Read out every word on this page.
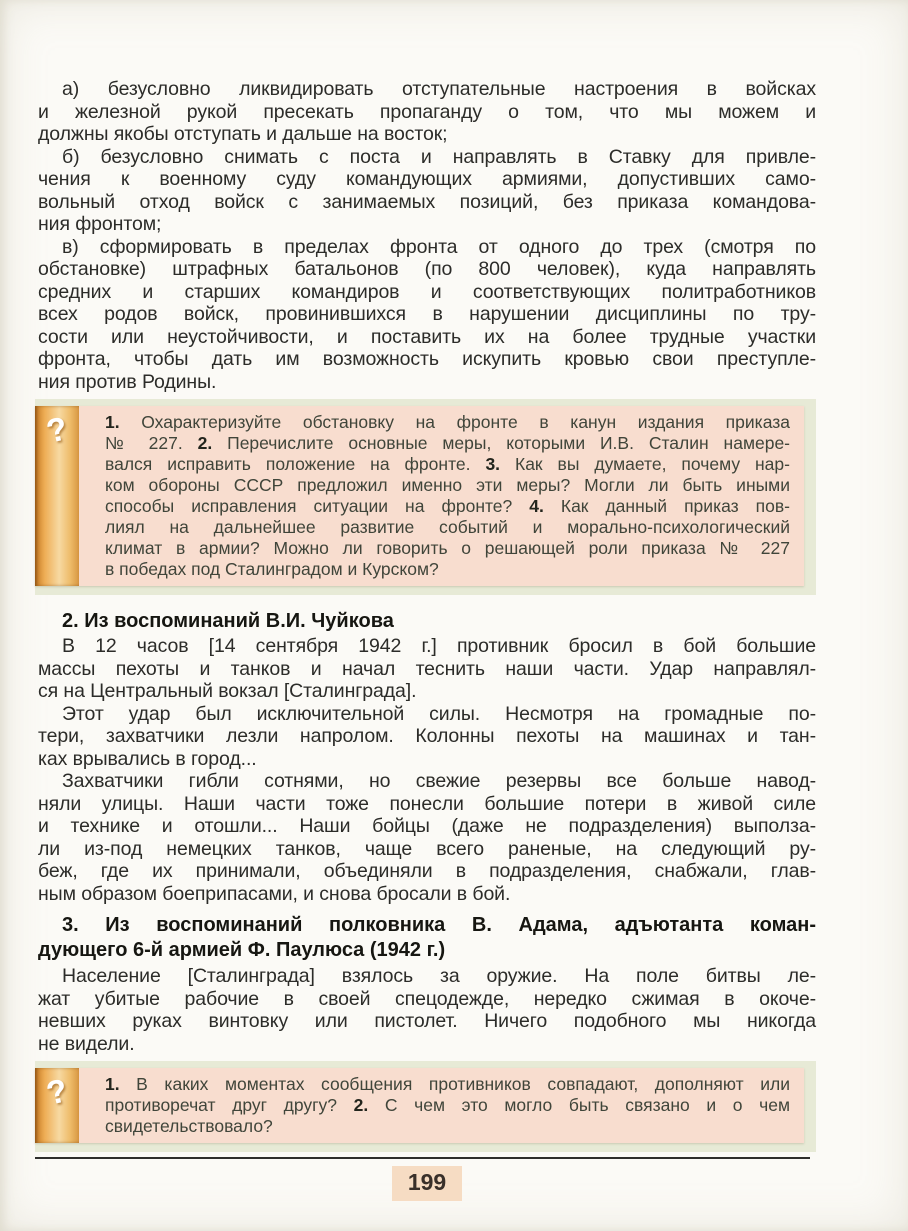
а) безусловно ликвидировать отступательные настроения в войсках
и железной рукой пресекать пропаганду о том, что мы можем и
должны якобы отступать и дальше на восток;
б) безусловно снимать с поста и направлять в Ставку для привле-
чения к военному суду командующих армиями, допустивших само-
вольный отход войск с занимаемых позиций, без приказа командова-
ния фронтом;
в) сформировать в пределах фронта от одного до трех (смотря по
обстановке) штрафных батальонов (по 800 человек), куда направлять
средних и старших командиров и соответствующих политработников
всех родов войск, провинившихся в нарушении дисциплины по тру-
сости или неустойчивости, и поставить их на более трудные участки
фронта, чтобы дать им возможность искупить кровью свои преступле-
ния против Родины.
?	1. Охарактеризуйте обстановку на фронте в канун издания приказа
№ 227. 2. Перечислите основные меры, которыми И.В. Сталин намере-
вался исправить положение на фронте. 3. Как вы думаете, почему нар-
ком обороны СССР предложил именно эти меры? Могли ли быть иными
способы исправления ситуации на фронте? 4. Как данный приказ пов-
лиял на дальнейшее развитие событий и морально-психологический
климат в армии? Можно ли говорить о решающей роли приказа № 227
в победах под Сталинградом и Курском?
2. Из воспоминаний В.И. Чуйкова
В 12 часов [14 сентября 1942 г.] противник бросил в бой большие
массы пехоты и танков и начал теснить наши части. Удар направлял-
ся на Центральный вокзал [Сталинграда].
Этот удар был исключительной силы. Несмотря на громадные по-
тери, захватчики лезли напролом. Колонны пехоты на машинах и тан-
ках врывались в город...
Захватчики гибли сотнями, но свежие резервы все больше навод-
няли улицы. Наши части тоже понесли большие потери в живой силе
и технике и отошли... Наши бойцы (даже не подразделения) выполза-
ли из-под немецких танков, чаще всего раненые, на следующий ру-
беж, где их принимали, объединяли в подразделения, снабжали, глав-
ным образом боеприпасами, и снова бросали в бой.
3. Из воспоминаний полковника В. Адама, адъютанта коман-
дующего 6-й армией Ф. Паулюса (1942 г.)
Население [Сталинграда] взялось за оружие. На поле битвы ле-
жат убитые рабочие в своей спецодежде, нередко сжимая в окоче-
невших руках винтовку или пистолет. Ничего подобного мы никогда
не видели.
?	1. В каких моментах сообщения противников совпадают, дополняют или
противоречат друг другу? 2. С чем это могло быть связано и о чем
свидетельствовало?
199
